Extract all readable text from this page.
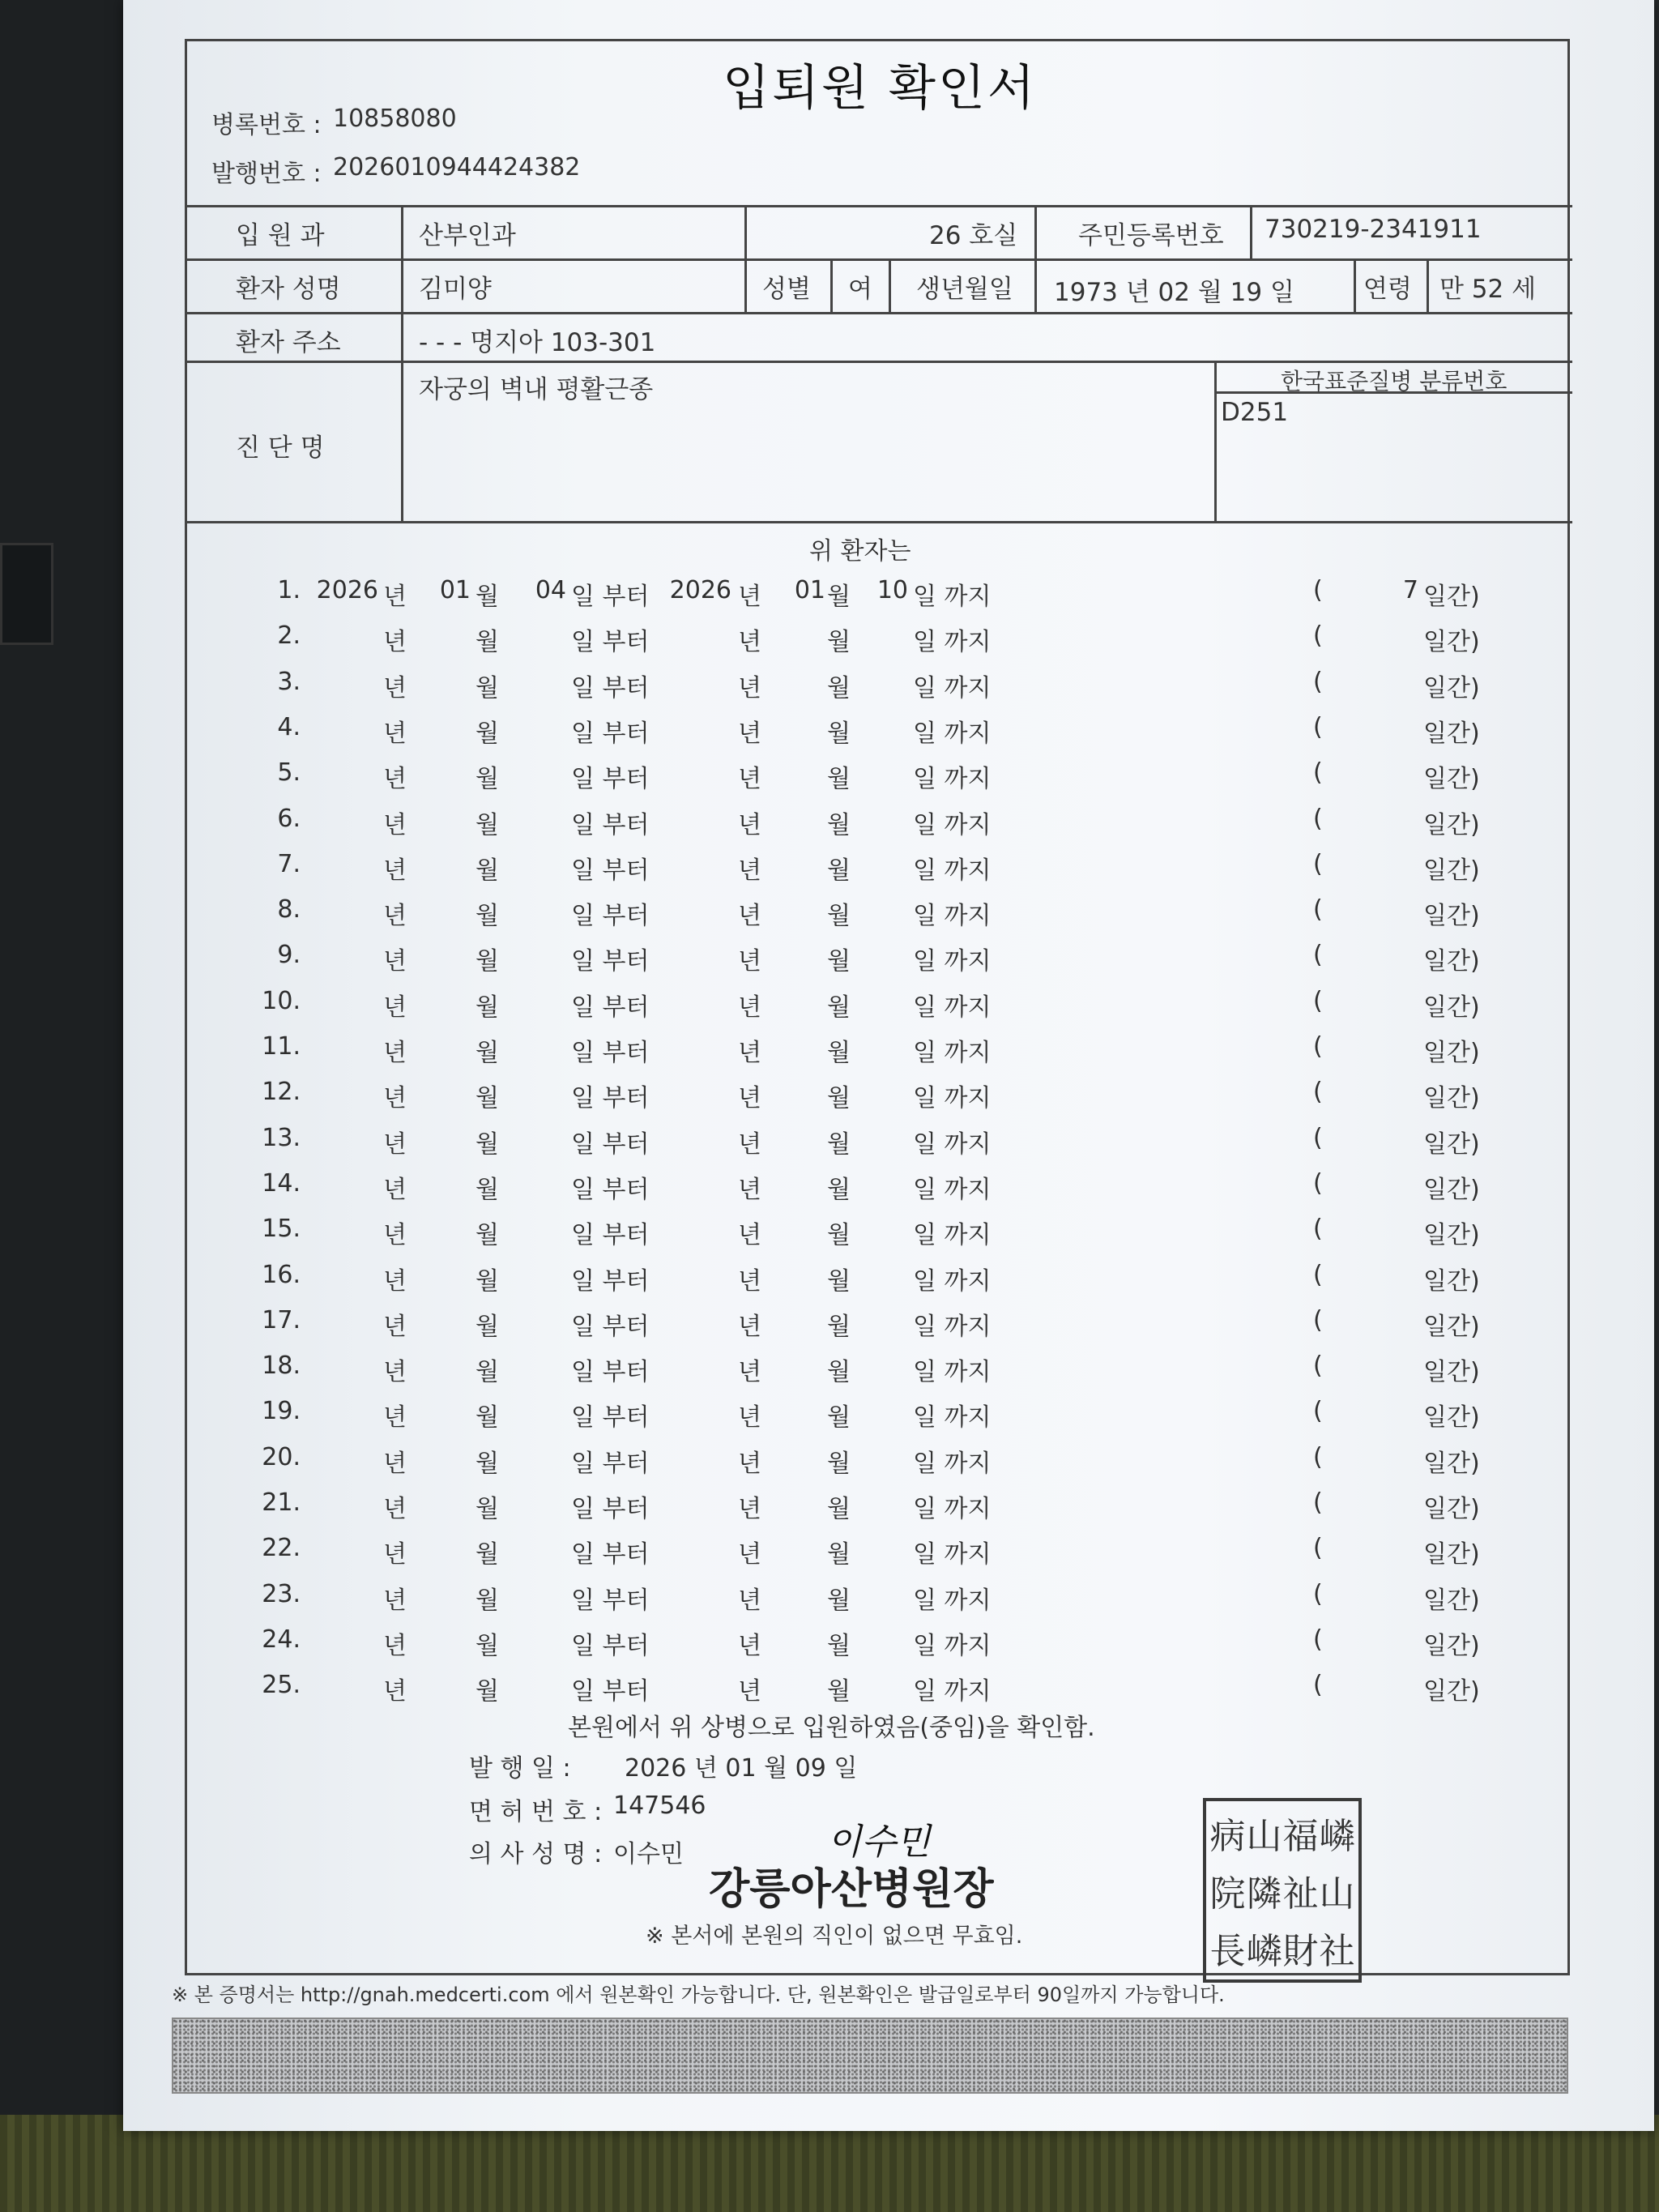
입퇴원 확인서
병록번호 : 10858080
발행번호 : 2026010944424382
입 원 과	산부인과	26 호실 주민등록번호 730219-2341911
환자 성명	김미양	성별 여 생년월일 1973 년 02 월 19 일	연령 만 52 세
환자 주소	- - - 명지아 103-301
진 단 명
자궁의 벽내 평활근종	한국표준질병 분류번호
D251
위 환자는
1. 2026 년	01 월	04 일 부터 2026 년	01 월	10 일 까지	(	7 일간)
2.	년	월	일 부터	년	월	일 까지	(	일간)
3.	년	월	일 부터	년	월	일 까지	(	일간)
4.	년	월	일 부터	년	월	일 까지	(	일간)
5.	년	월	일 부터	년	월	일 까지	(	일간)
6.	년	월	일 부터	년	월	일 까지	(	일간)
7.	년	월	일 부터	년	월	일 까지	(	일간)
8.	년	월	일 부터	년	월	일 까지	(	일간)
9.	년	월	일 부터	년	월	일 까지	(	일간)
10.	년	월	일 부터	년	월	일 까지	(	일간)
11.	년	월	일 부터	년	월	일 까지	(	일간)
12.	년	월	일 부터	년	월	일 까지	(	일간)
13.	년	월	일 부터	년	월	일 까지	(	일간)
14.	년	월	일 부터	년	월	일 까지	(	일간)
15.	년	월	일 부터	년	월	일 까지	(	일간)
16.	년	월	일 부터	년	월	일 까지	(	일간)
17.	년	월	일 부터	년	월	일 까지	(	일간)
18.	년	월	일 부터	년	월	일 까지	(	일간)
19.	년	월	일 부터	년	월	일 까지	(	일간)
20.	년	월	일 부터	년	월	일 까지	(	일간)
21.	년	월	일 부터	년	월	일 까지	(	일간)
22.	년	월	일 부터	년	월	일 까지	(	일간)
23.	년	월	일 부터	년	월	일 까지	(	일간)
24.	년	월	일 부터	년	월	일 까지	(	일간)
25.	년	월	일 부터	년	월	일 까지	(	일간)
본원에서 위 상병으로 입원하였음(중임)을 확인함.
발 행 일 : 2026 년 01 월 09 일
면 허 번 호 : 147546
의 사 성 명 : 이수민	이수민
강릉아산병원장
※ 본서에 본원의 직인이 없으면 무효임.
病 山 福 嶙
院 隣 祉 山
長 嶙 財 社
※ 본 증명서는 http://gnah.medcerti.com 에서 원본확인 가능합니다. 단, 원본확인은 발급일로부터 90일까지 가능합니다.
